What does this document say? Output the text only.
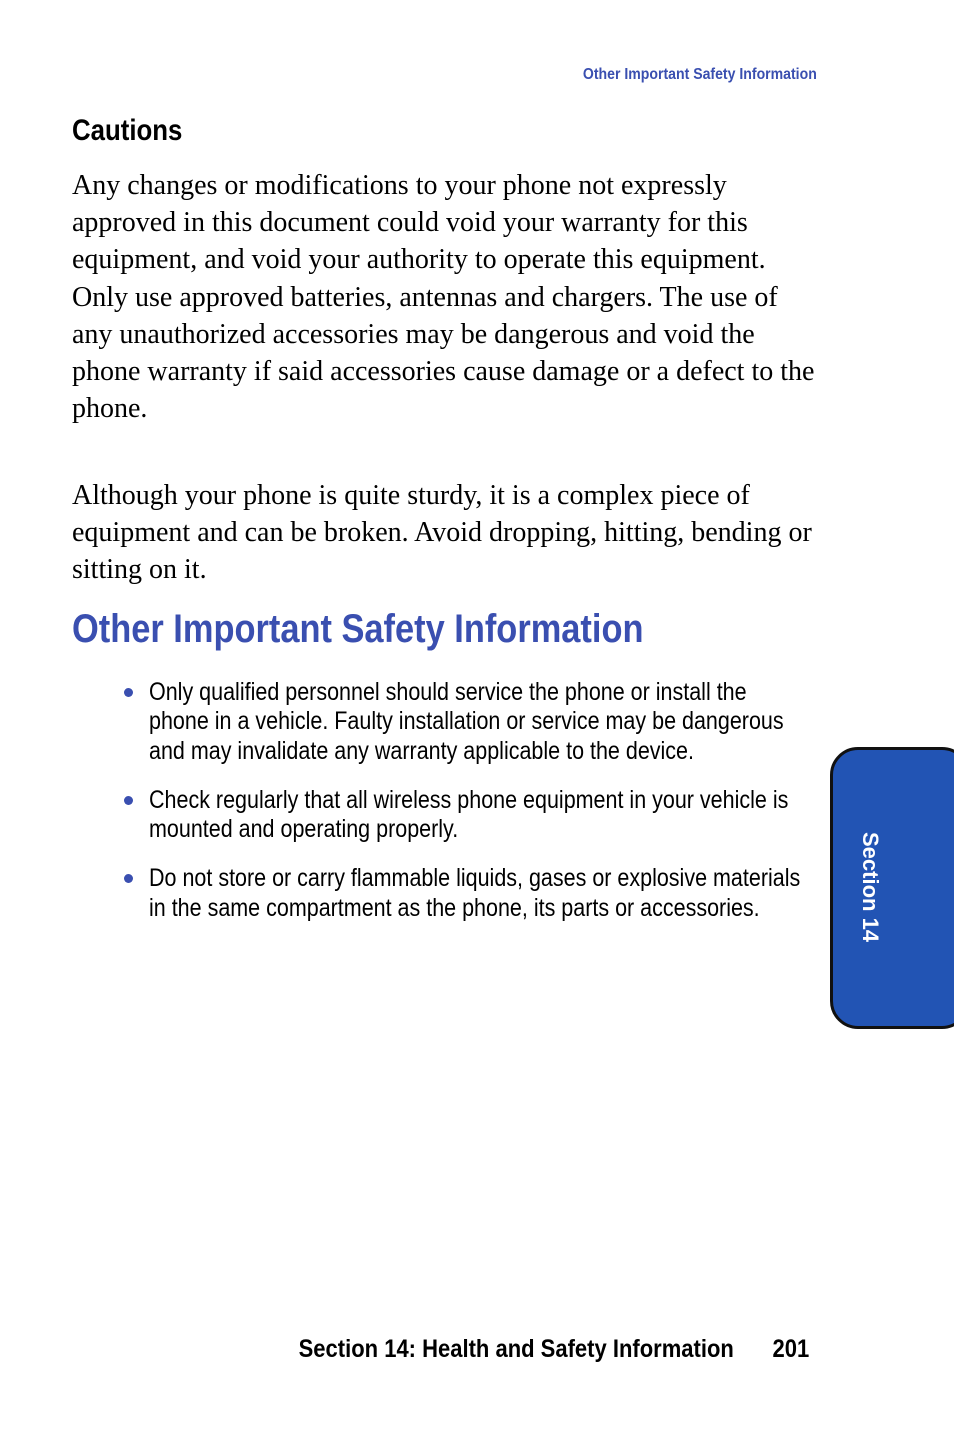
Other Important Safety Information
Cautions

Any changes or modifications to your phone not expressly approved in this document could void your warranty for this equipment, and void your authority to operate this equipment. Only use approved batteries, antennas and chargers. The use of any unauthorized accessories may be dangerous and void the phone warranty if said accessories cause damage or a defect to the phone.

Although your phone is quite sturdy, it is a complex piece of equipment and can be broken. Avoid dropping, hitting, bending or sitting on it.

Other Important Safety Information
Only qualified personnel should service the phone or install the phone in a vehicle. Faulty installation or service may be dangerous and may invalidate any warranty applicable to the device.
Check regularly that all wireless phone equipment in your vehicle is mounted and operating properly.
Do not store or carry flammable liquids, gases or explosive materials in the same compartment as the phone, its parts or accessories.	Section 14
Section 14: Health and Safety Information 201
